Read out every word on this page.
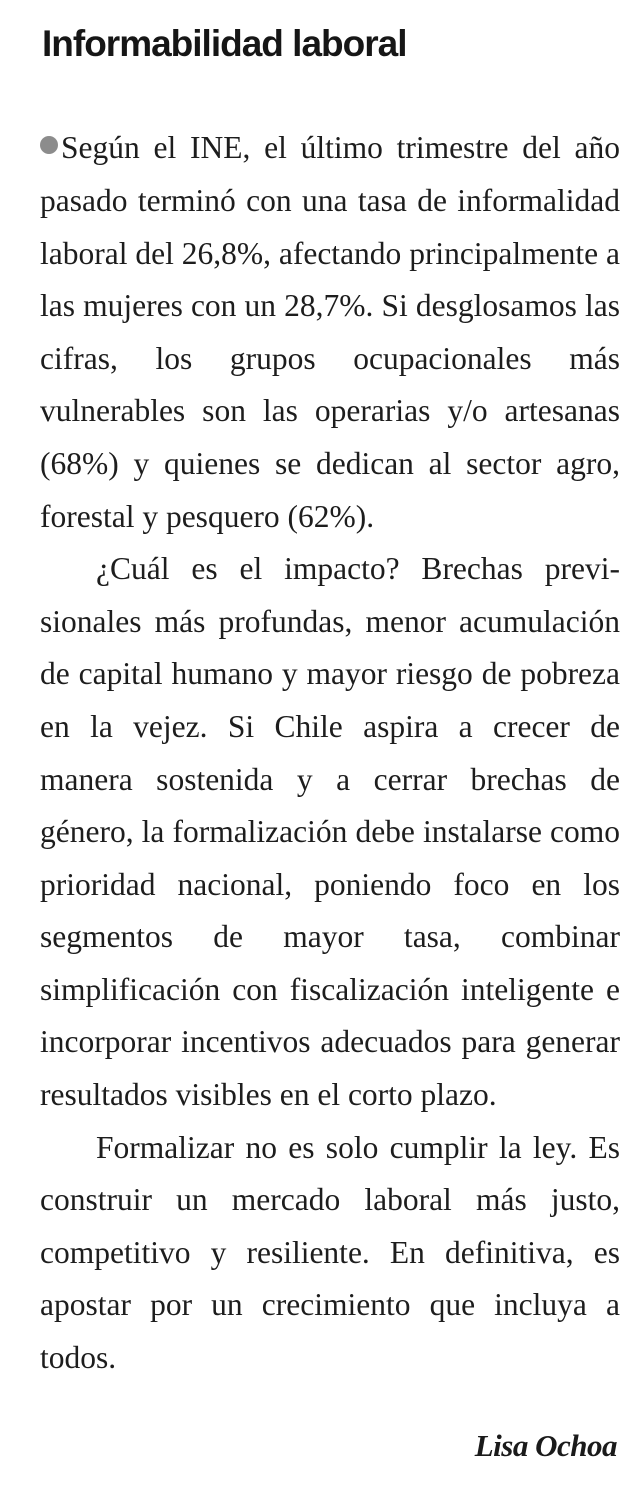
Informabilidad laboral

Según el INE, el último trimestre del año pasado terminó con una tasa de informalidad laboral del 26,8%, afectando principalmente a las mujeres con un 28,7%. Si desglosamos las cifras, los grupos ocupacionales más vulnerables son las operarias y/o artesanas (68%) y quienes se dedican al sector agro, forestal y pesquero (62%).

¿Cuál es el impacto? Brechas previsionales más profundas, menor acumulación de capital humano y mayor riesgo de pobreza en la vejez. Si Chile aspira a crecer de manera sostenida y a cerrar brechas de género, la formalización debe instalarse como prioridad nacional, poniendo foco en los segmentos de mayor tasa, combinar simplificación con fiscalización inteligente e incorporar incentivos adecuados para generar resultados visibles en el corto plazo.

Formalizar no es solo cumplir la ley. Es construir un mercado laboral más justo, competitivo y resiliente. En definitiva, es apostar por un crecimiento que incluya a todos.

Lisa Ochoa
